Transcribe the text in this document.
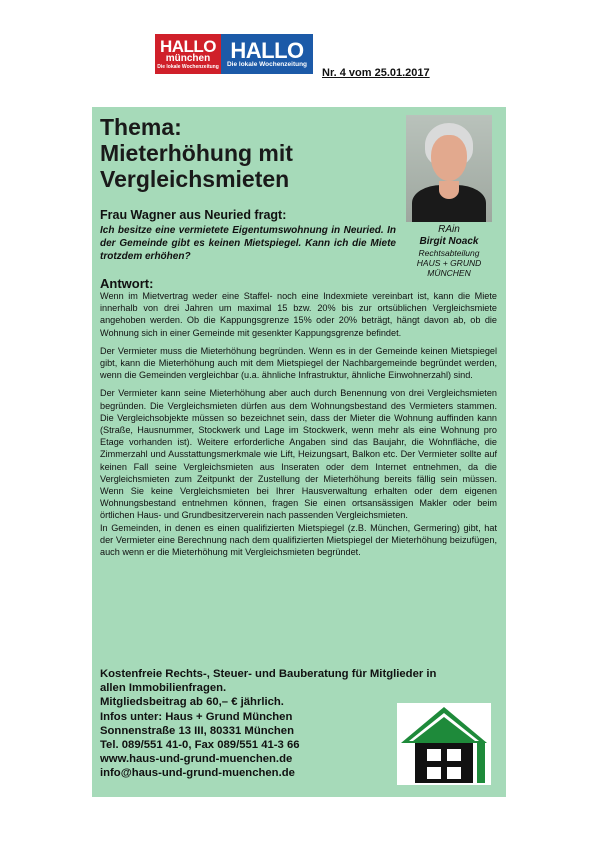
HALLO
münchen
Die lokale Wochenzeitung
HALLO
Die lokale Wochenzeitung
Nr. 4 vom 25.01.2017
Thema:
Mieterhöhung mit
Vergleichsmieten
RAin
Birgit Noack
Rechtsabteilung
HAUS + GRUND
MÜNCHEN
Frau Wagner aus Neuried fragt:
Ich besitze eine vermietete Eigentumswohnung in Neuried. In der Gemeinde gibt es keinen Mietspiegel. Kann ich die Miete trotzdem erhöhen?
Antwort:

Wenn im Mietvertrag weder eine Staffel- noch eine Indexmiete vereinbart ist, kann die Miete innerhalb von drei Jahren um maximal 15 bzw. 20% bis zur ortsüblichen Vergleichsmiete angehoben werden. Ob die Kappungsgrenze 15% oder 20% beträgt, hängt davon ab, ob die Wohnung sich in einer Gemeinde mit gesenkter Kappungsgrenze befindet.

Der Vermieter muss die Mieterhöhung begründen. Wenn es in der Gemeinde keinen Mietspiegel gibt, kann die Mieterhöhung auch mit dem Mietspiegel der Nachbargemeinde begründet werden, wenn die Gemeinden vergleichbar (u.a. ähnliche Infrastruktur, ähnliche Einwohnerzahl) sind.

Der Vermieter kann seine Mieterhöhung aber auch durch Benennung von drei Vergleichsmieten begründen. Die Vergleichsmieten dürfen aus dem Wohnungsbestand des Vermieters stammen. Die Vergleichsobjekte müssen so bezeichnet sein, dass der Mieter die Wohnung auffinden kann (Straße, Hausnummer, Stockwerk und Lage im Stockwerk, wenn mehr als eine Wohnung pro Etage vorhanden ist). Weitere erforderliche Angaben sind das Baujahr, die Wohnfläche, die Zimmerzahl und Ausstattungsmerkmale wie Lift, Heizungsart, Balkon etc. Der Vermieter sollte auf keinen Fall seine Vergleichsmieten aus Inseraten oder dem Internet entnehmen, da die Vergleichsmieten zum Zeitpunkt der Zustellung der Mieterhöhung bereits fällig sein müssen. Wenn Sie keine Vergleichsmieten bei Ihrer Hausverwaltung erhalten oder dem eigenen Wohnungsbestand entnehmen können, fragen Sie einen ortsansässigen Makler oder beim örtlichen Haus- und Grundbesitzerverein nach passenden Vergleichsmieten.

In Gemeinden, in denen es einen qualifizierten Mietspiegel (z.B. München, Germering) gibt, hat der Vermieter eine Berechnung nach dem qualifizierten Mietspiegel der Mieterhöhung beizufügen, auch wenn er die Mieterhöhung mit Vergleichsmieten begründet.

Kostenfreie Rechts-, Steuer- und Bauberatung für Mitglieder in
allen Immobilienfragen.
Mitgliedsbeitrag ab 60,– € jährlich.
Infos unter: Haus + Grund München
Sonnenstraße 13 III, 80331 München
Tel. 089/551 41-0, Fax 089/551 41-3 66
www.haus-und-grund-muenchen.de
info@haus-und-grund-muenchen.de
